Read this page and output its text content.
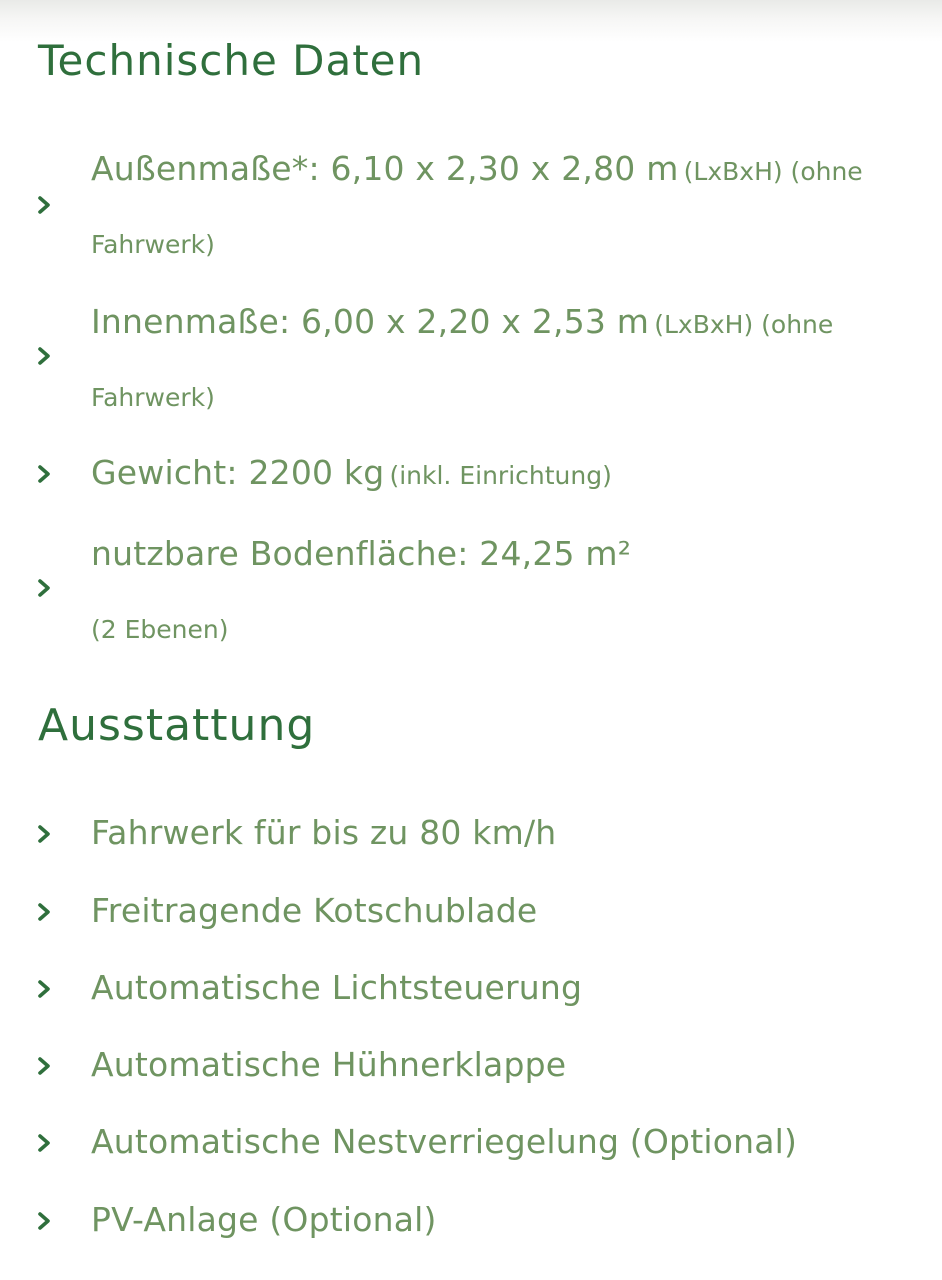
Technische Daten
Außenmaße*: 6,10 x 2,30 x 2,80 m (LxBxH) (ohne
Fahrwerk)
Innenmaße: 6,00 x 2,20 x 2,53 m (LxBxH) (ohne
Fahrwerk)
Gewicht: 2200 kg (inkl. Einrichtung)
nutzbare Bodenfläche: 24,25 m²
(2 Ebenen)
Ausstattung
Fahrwerk für bis zu 80 km/h
Freitragende Kotschublade
Automatische Lichtsteuerung
Automatische Hühnerklappe
Automatische Nestverriegelung (Optional)
PV-Anlage (Optional)
